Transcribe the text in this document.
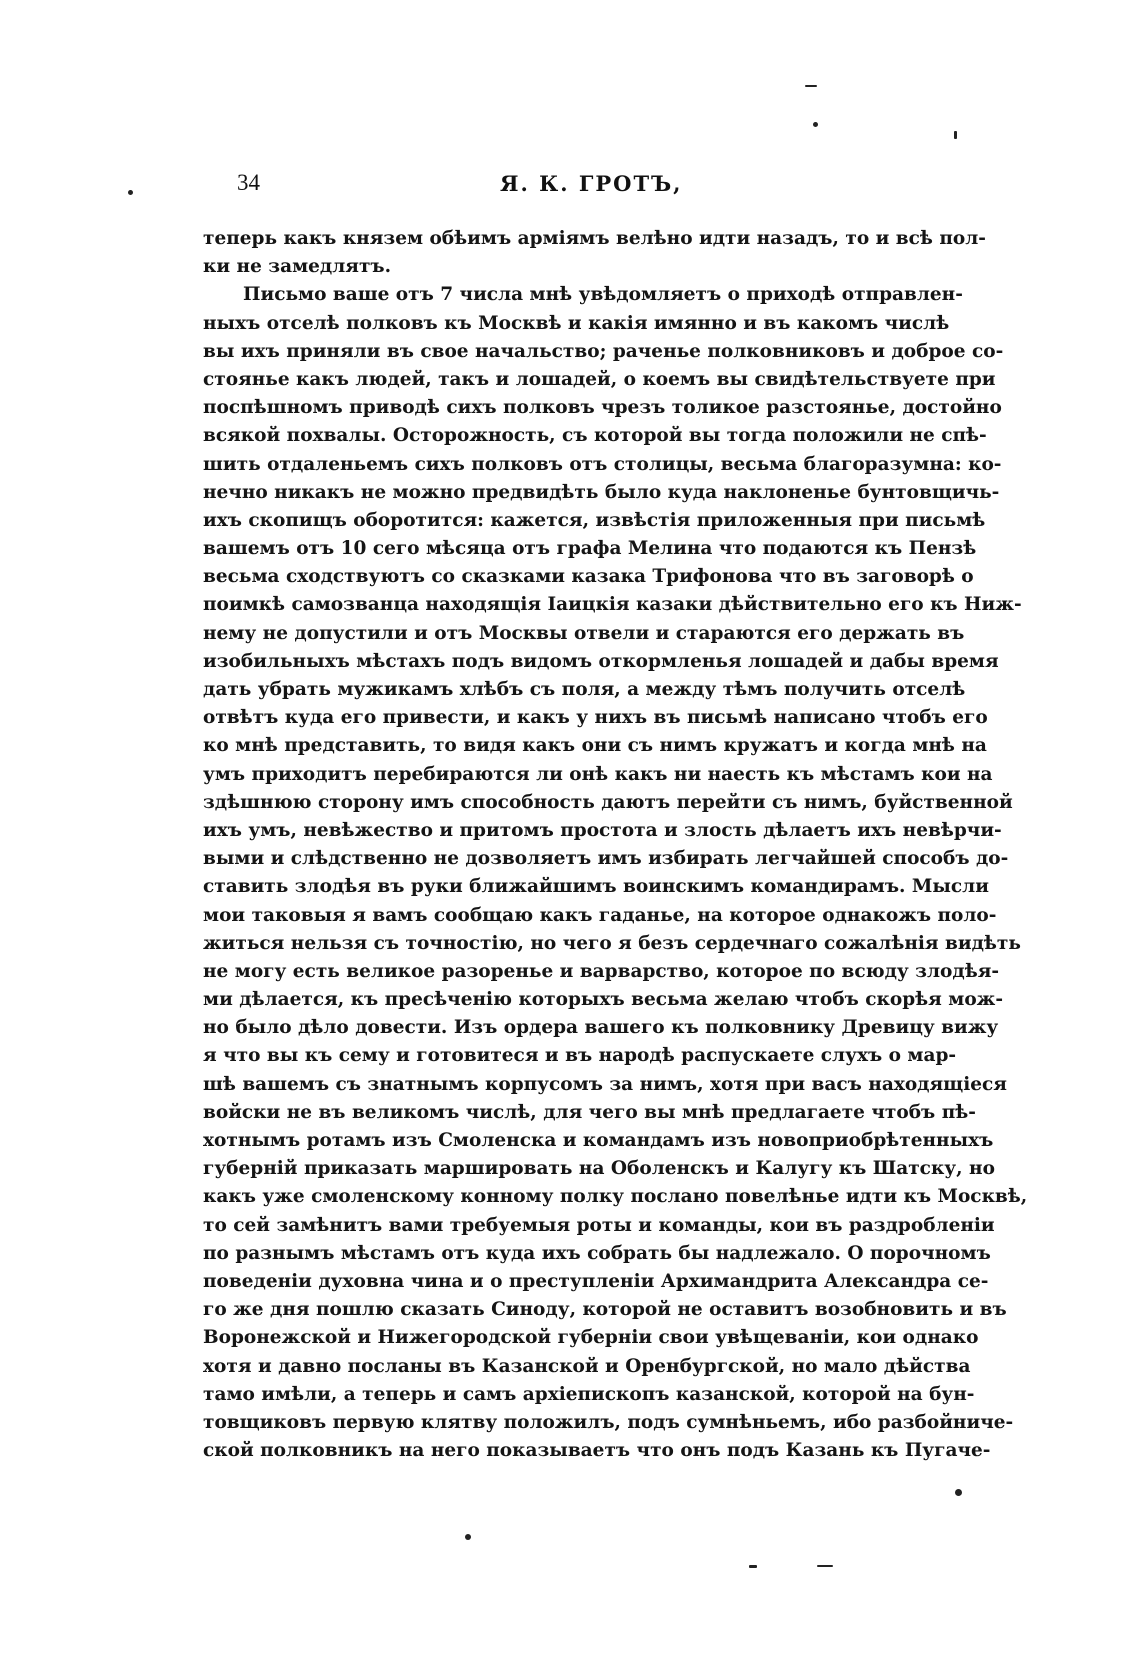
34	Я. К. ГРОТЪ,
теперь какъ князем обѣимъ арміямъ велѣно идти назадъ, то и всѣ пол-
ки не замедлятъ.
Письмо ваше отъ 7 числа мнѣ увѣдомляетъ о приходѣ отправлен-
ныхъ отселѣ полковъ къ Москвѣ и какія имянно и въ какомъ числѣ
вы ихъ приняли въ свое начальство; раченье полковниковъ и доброе со-
стоянье какъ людей, такъ и лошадей, о коемъ вы свидѣтельствуете при
поспѣшномъ приводѣ сихъ полковъ чрезъ толикое разстоянье, достойно
всякой похвалы. Осторожность, съ которой вы тогда положили не спѣ-
шить отдаленьемъ сихъ полковъ отъ столицы, весьма благоразумна: ко-
нечно никакъ не можно предвидѣть было куда наклоненье бунтовщичь-
ихъ скопищъ оборотится: кажется, извѣстія приложенныя при письмѣ
вашемъ отъ 10 сего мѣсяца отъ графа Мелина что подаются къ Пензѣ
весьма сходствуютъ со сказками казака Трифонова что въ заговорѣ о
поимкѣ самозванца находящія Іаицкія казаки дѣйствительно его къ Ниж-
нему не допустили и отъ Москвы отвели и стараются его держать въ
изобильныхъ мѣстахъ подъ видомъ откормленья лошадей и дабы время
дать убрать мужикамъ хлѣбъ съ поля, а между тѣмъ получить отселѣ
отвѣтъ куда его привести, и какъ у нихъ въ письмѣ написано чтобъ его
ко мнѣ представить, то видя какъ они съ нимъ кружатъ и когда мнѣ на
умъ приходитъ перебираются ли онѣ какъ ни наесть къ мѣстамъ кои на
здѣшнюю сторону имъ способность даютъ перейти съ нимъ, буйственной
ихъ умъ, невѣжество и притомъ простота и злость дѣлаетъ ихъ невѣрчи-
выми и слѣдственно не дозволяетъ имъ избирать легчайшей способъ до-
ставить злодѣя въ руки ближайшимъ воинскимъ командирамъ. Мысли
мои таковыя я вамъ сообщаю какъ гаданье, на которое однакожъ поло-
житься нельзя съ точностію, но чего я безъ сердечнаго сожалѣнія видѣть
не могу есть великое разоренье и варварство, которое по всюду злодѣя-
ми дѣлается, къ пресѣченію которыхъ весьма желаю чтобъ скорѣя мож-
но было дѣло довести. Изъ ордера вашего къ полковнику Древицу вижу
я что вы къ сему и готовитеся и въ народѣ распускаете слухъ о мар-
шѣ вашемъ съ знатнымъ корпусомъ за нимъ, хотя при васъ находящіеся
войски не въ великомъ числѣ, для чего вы мнѣ предлагаете чтобъ пѣ-
хотнымъ ротамъ изъ Смоленска и командамъ изъ новоприобрѣтенныхъ
губерній приказать маршировать на Оболенскъ и Калугу къ Шатску, но
какъ уже смоленскому конному полку послано повелѣнье идти къ Москвѣ,
то сей замѣнитъ вами требуемыя роты и команды, кои въ раздробленіи
по разнымъ мѣстамъ отъ куда ихъ собрать бы надлежало. О порочномъ
поведеніи духовна чина и о преступленіи Архимандрита Александра се-
го же дня пошлю сказать Синоду, которой не оставитъ возобновить и въ
Воронежской и Нижегородской губерніи свои увѣщеваніи, кои однако
хотя и давно посланы въ Казанской и Оренбургской, но мало дѣйства
тамо имѣли, а теперь и самъ архіепископъ казанской, которой на бун-
товщиковъ первую клятву положилъ, подъ сумнѣньемъ, ибо разбойниче-
ской полковникъ на него показываетъ что онъ подъ Казань къ Пугаче-
